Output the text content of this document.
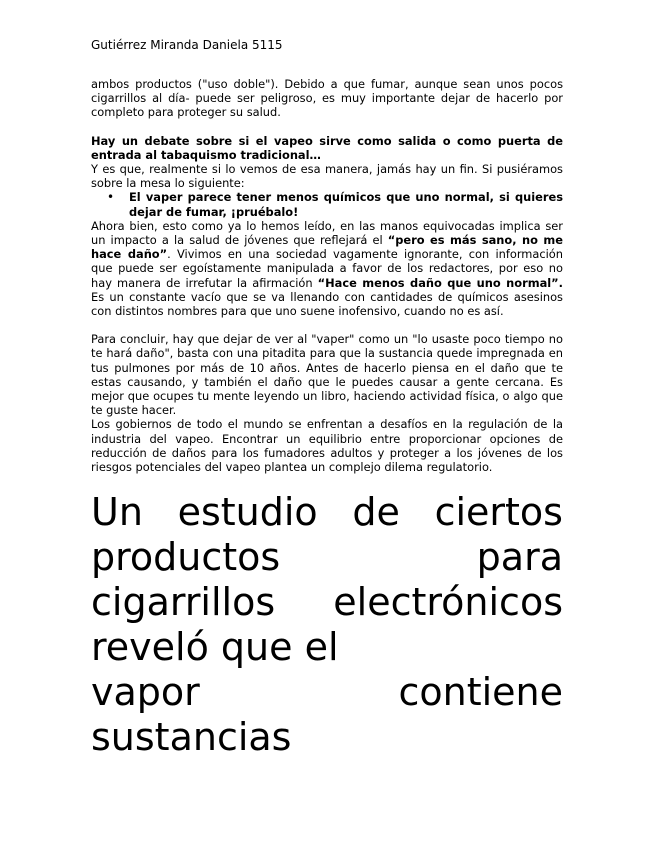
Gutiérrez Miranda Daniela 5115

ambos productos ("uso doble"). Debido a que fumar, aunque sean unos pocos cigarrillos al día- puede ser peligroso, es muy importante dejar de hacerlo por completo para proteger su salud.

Hay un debate sobre si el vapeo sirve como salida o como puerta de entrada al tabaquismo tradicional…

Y es que, realmente si lo vemos de esa manera, jamás hay un fin. Si pusiéramos sobre la mesa lo siguiente:

• El vaper parece tener menos químicos que uno normal, si quieres dejar de fumar, ¡pruébalo!

Ahora bien, esto como ya lo hemos leído, en las manos equivocadas implica ser un impacto a la salud de jóvenes que reflejará el “pero es más sano, no me hace daño”. Vivimos en una sociedad vagamente ignorante, con información que puede ser egoístamente manipulada a favor de los redactores, por eso no hay manera de irrefutar la afirmación “Hace menos daño que uno normal”. Es un constante vacío que se va llenando con cantidades de químicos asesinos con distintos nombres para que uno suene inofensivo, cuando no es así.

Para concluir, hay que dejar de ver al "vaper" como un "lo usaste poco tiempo no te hará daño", basta con una pitadita para que la sustancia quede impregnada en tus pulmones por más de 10 años. Antes de hacerlo piensa en el daño que te estas causando, y también el daño que le puedes causar a gente cercana. Es mejor que ocupes tu mente leyendo un libro, haciendo actividad física, o algo que te guste hacer.

Los gobiernos de todo el mundo se enfrentan a desafíos en la regulación de la industria del vapeo. Encontrar un equilibrio entre proporcionar opciones de reducción de daños para los fumadores adultos y proteger a los jóvenes de los riesgos potenciales del vapeo plantea un complejo dilema regulatorio.

Un estudio de ciertos
productos	para
cigarrillos electrónicos
reveló que el
vapor	contiene
sustancias
